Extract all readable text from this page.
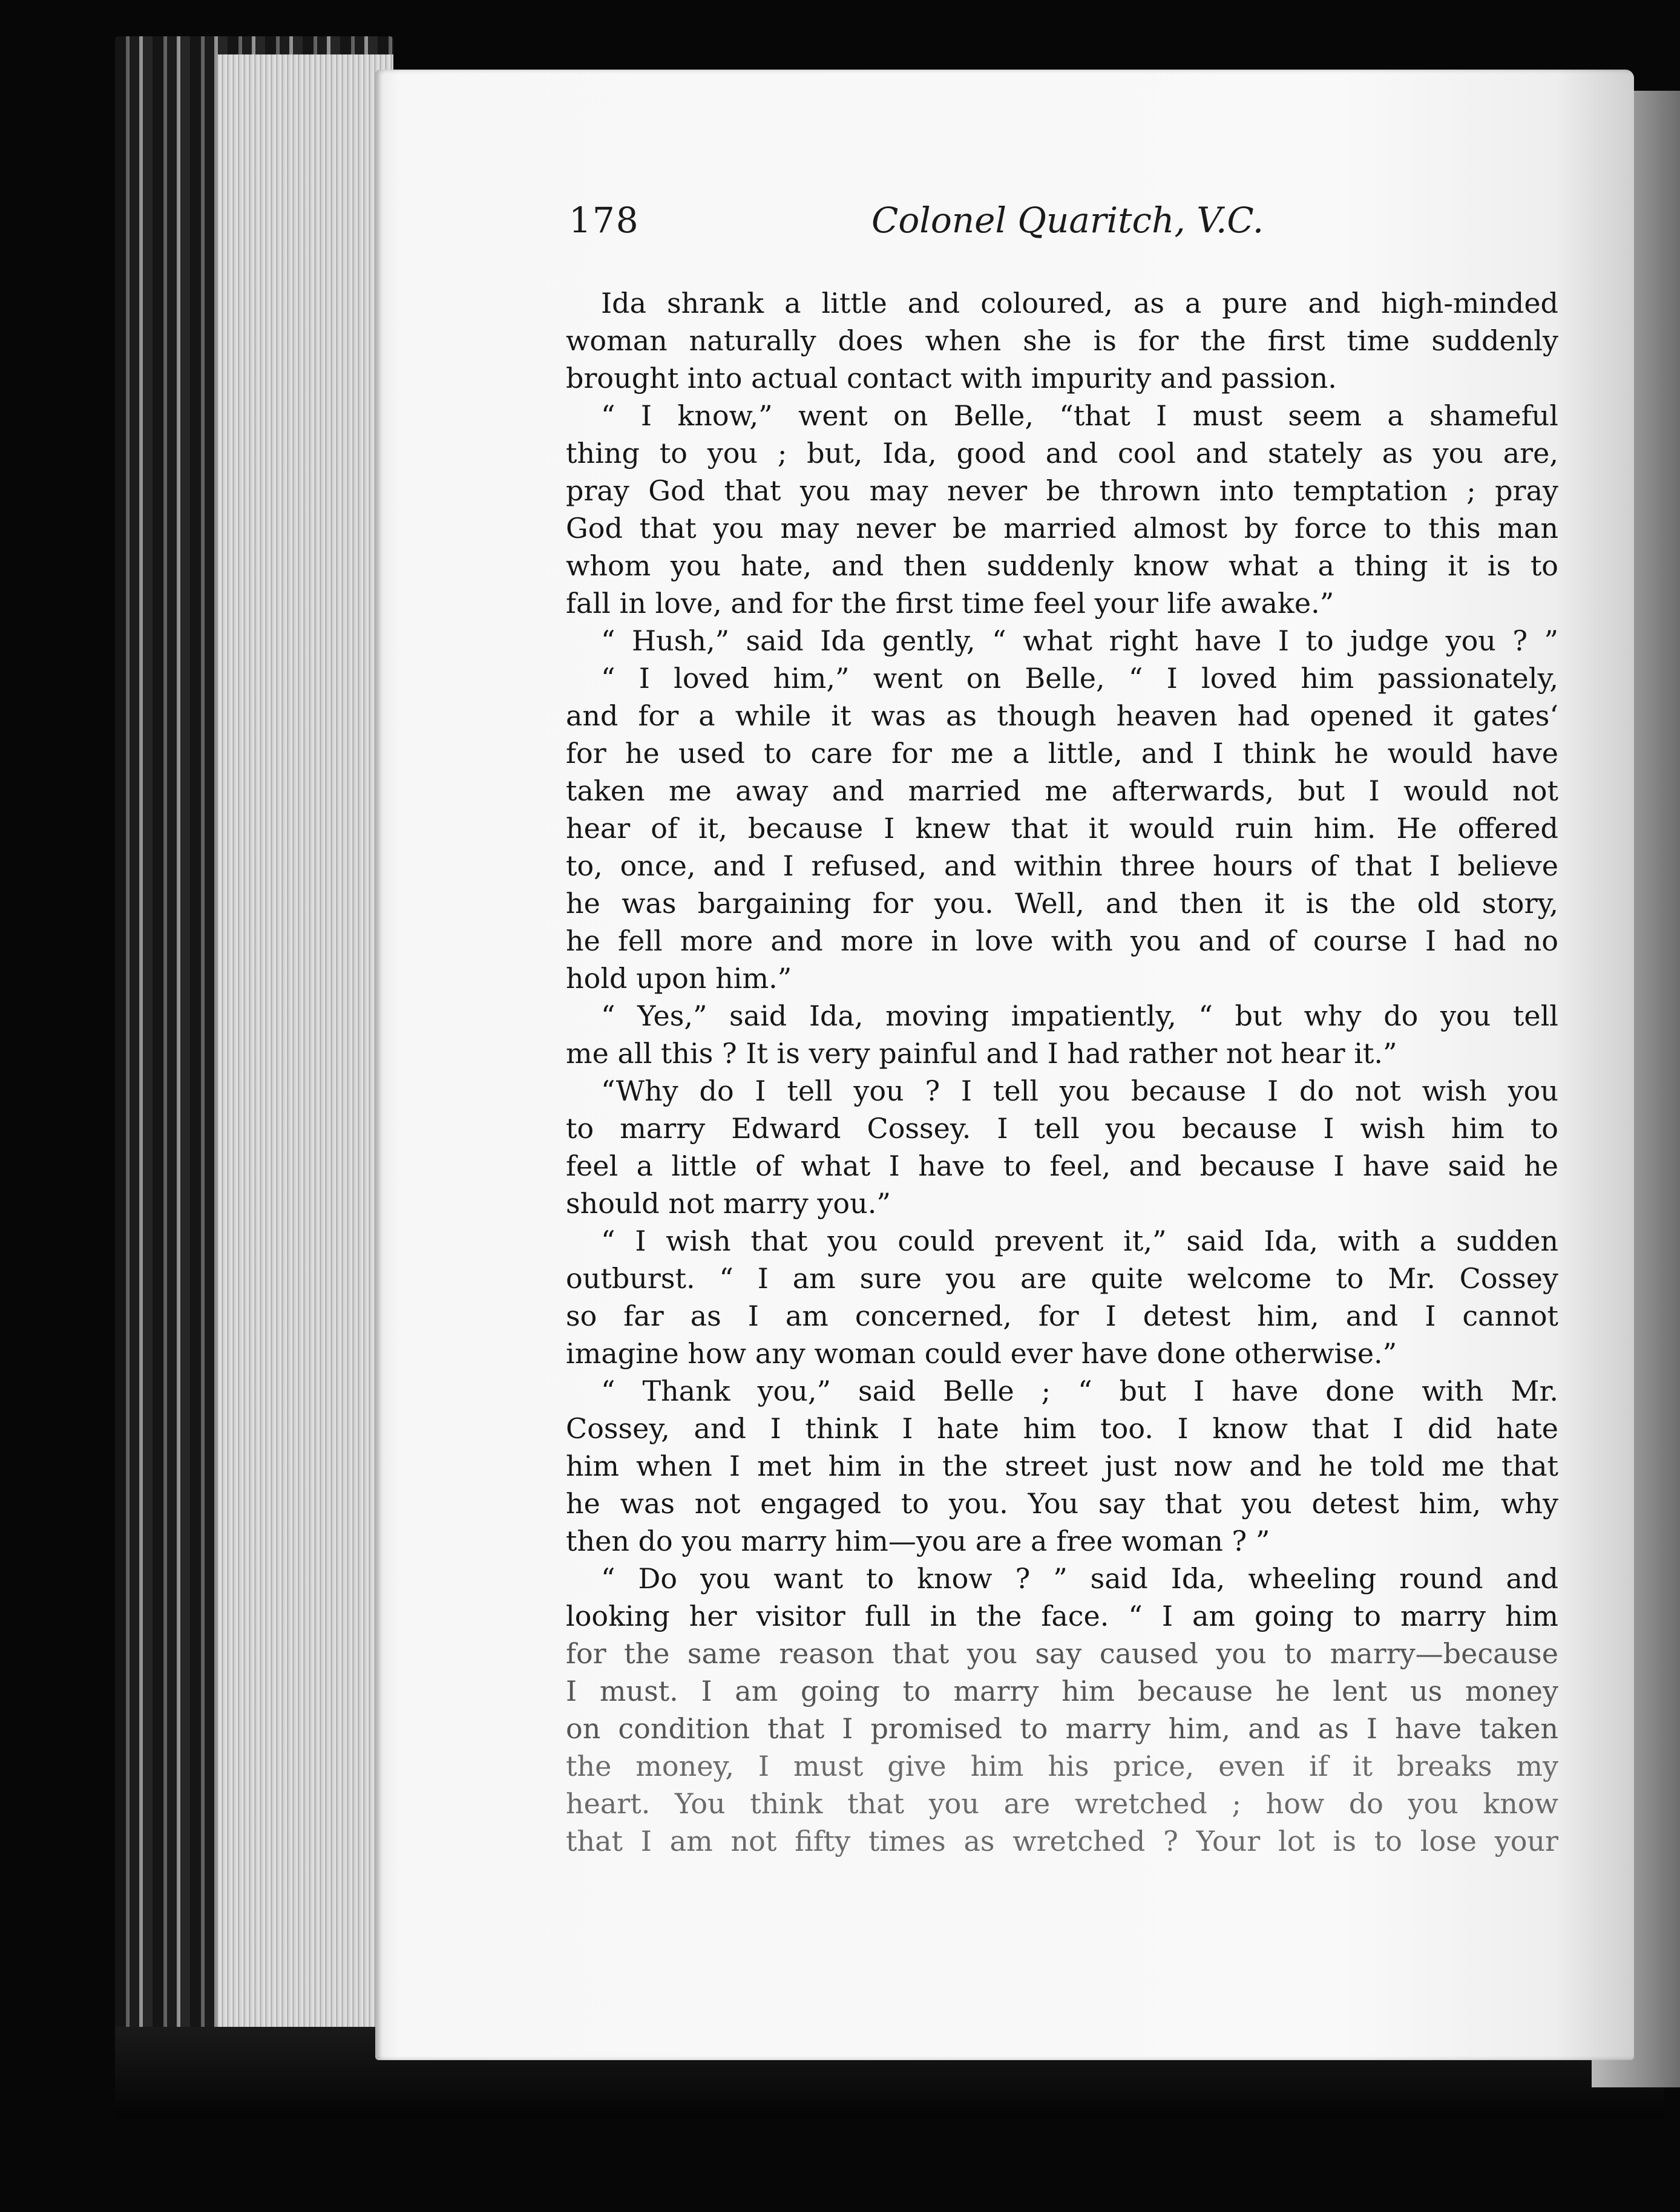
178	Colonel Quaritch, V.C.
Ida shrank a little and coloured, as a pure and high-minded
woman naturally does when she is for the first time suddenly
brought into actual contact with impurity and passion.
“ I know,” went on Belle, “that I must seem a shameful
thing to you ; but, Ida, good and cool and stately as you are,
pray God that you may never be thrown into temptation ; pray
God that you may never be married almost by force to this man
whom you hate, and then suddenly know what a thing it is to
fall in love, and for the first time feel your life awake.”
“ Hush,” said Ida gently, “ what right have I to judge you ? ”
“ I loved him,” went on Belle, “ I loved him passionately,
and for a while it was as though heaven had opened it gates‘
for he used to care for me a little, and I think he would have
taken me away and married me afterwards, but I would not
hear of it, because I knew that it would ruin him. He offered
to, once, and I refused, and within three hours of that I believe
he was bargaining for you. Well, and then it is the old story,
he fell more and more in love with you and of course I had no
hold upon him.”
“ Yes,” said Ida, moving impatiently, “ but why do you tell
me all this ? It is very painful and I had rather not hear it.”
“Why do I tell you ? I tell you because I do not wish you
to marry Edward Cossey. I tell you because I wish him to
feel a little of what I have to feel, and because I have said he
should not marry you.”
“ I wish that you could prevent it,” said Ida, with a sudden
outburst. “ I am sure you are quite welcome to Mr. Cossey
so far as I am concerned, for I detest him, and I cannot
imagine how any woman could ever have done otherwise.”
“ Thank you,” said Belle ; “ but I have done with Mr.
Cossey, and I think I hate him too. I know that I did hate
him when I met him in the street just now and he told me that
he was not engaged to you. You say that you detest him, why
then do you marry him—you are a free woman ? ”
“ Do you want to know ? ” said Ida, wheeling round and
looking her visitor full in the face. “ I am going to marry him
for the same reason that you say caused you to marry—because
I must. I am going to marry him because he lent us money
on condition that I promised to marry him, and as I have taken
the money, I must give him his price, even if it breaks my
heart. You think that you are wretched ; how do you know
that I am not fifty times as wretched ? Your lot is to lose your
